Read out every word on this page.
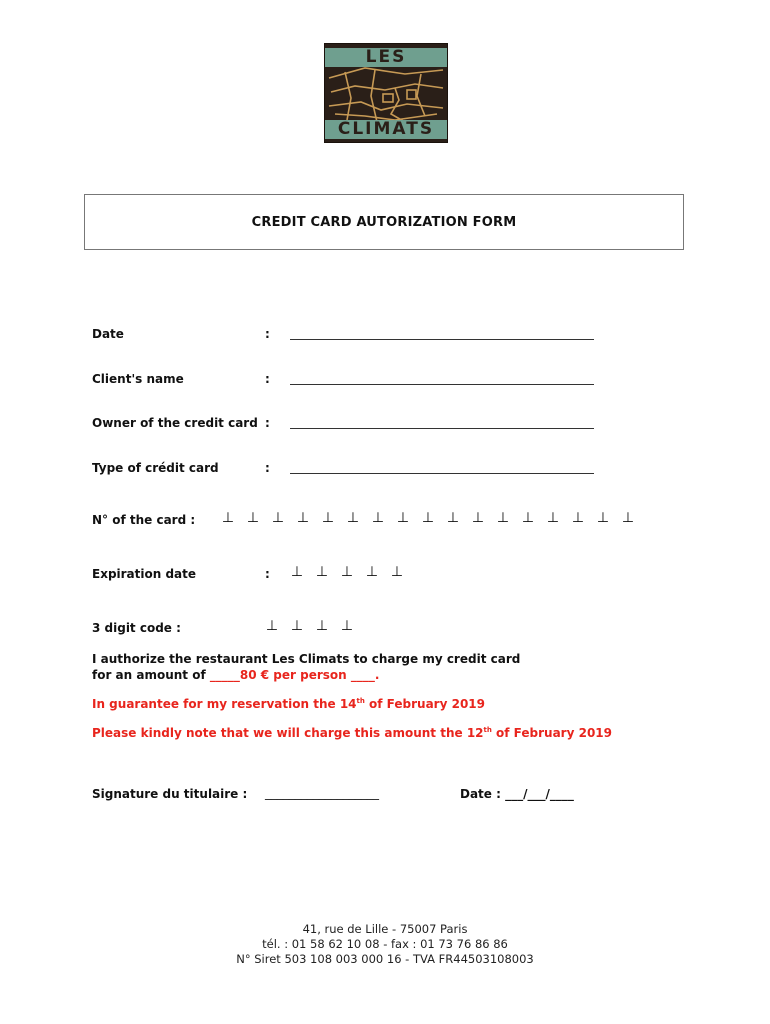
LES
CLIMATS
CREDIT CARD AUTORIZATION FORM
Date	:
Client's name	:
Owner of the credit card :
Type of crédit card	:
N° of the card : ⊥ ⊥ ⊥ ⊥ ⊥ ⊥ ⊥ ⊥ ⊥ ⊥ ⊥ ⊥ ⊥ ⊥ ⊥ ⊥ ⊥
Expiration date	: ⊥ ⊥ ⊥ ⊥ ⊥
3 digit code :	⊥ ⊥ ⊥ ⊥
I authorize the restaurant Les Climats to charge my credit card
for an amount of _____80 € per person ____.
In guarantee for my reservation the 14th of February 2019
Please kindly note that we will charge this amount the 12th of February 2019
Signature du titulaire : ___________________	Date : ___/___/____
41, rue de Lille - 75007 Paris
tél. : 01 58 62 10 08 - fax : 01 73 76 86 86
N° Siret 503 108 003 000 16 - TVA FR44503108003
